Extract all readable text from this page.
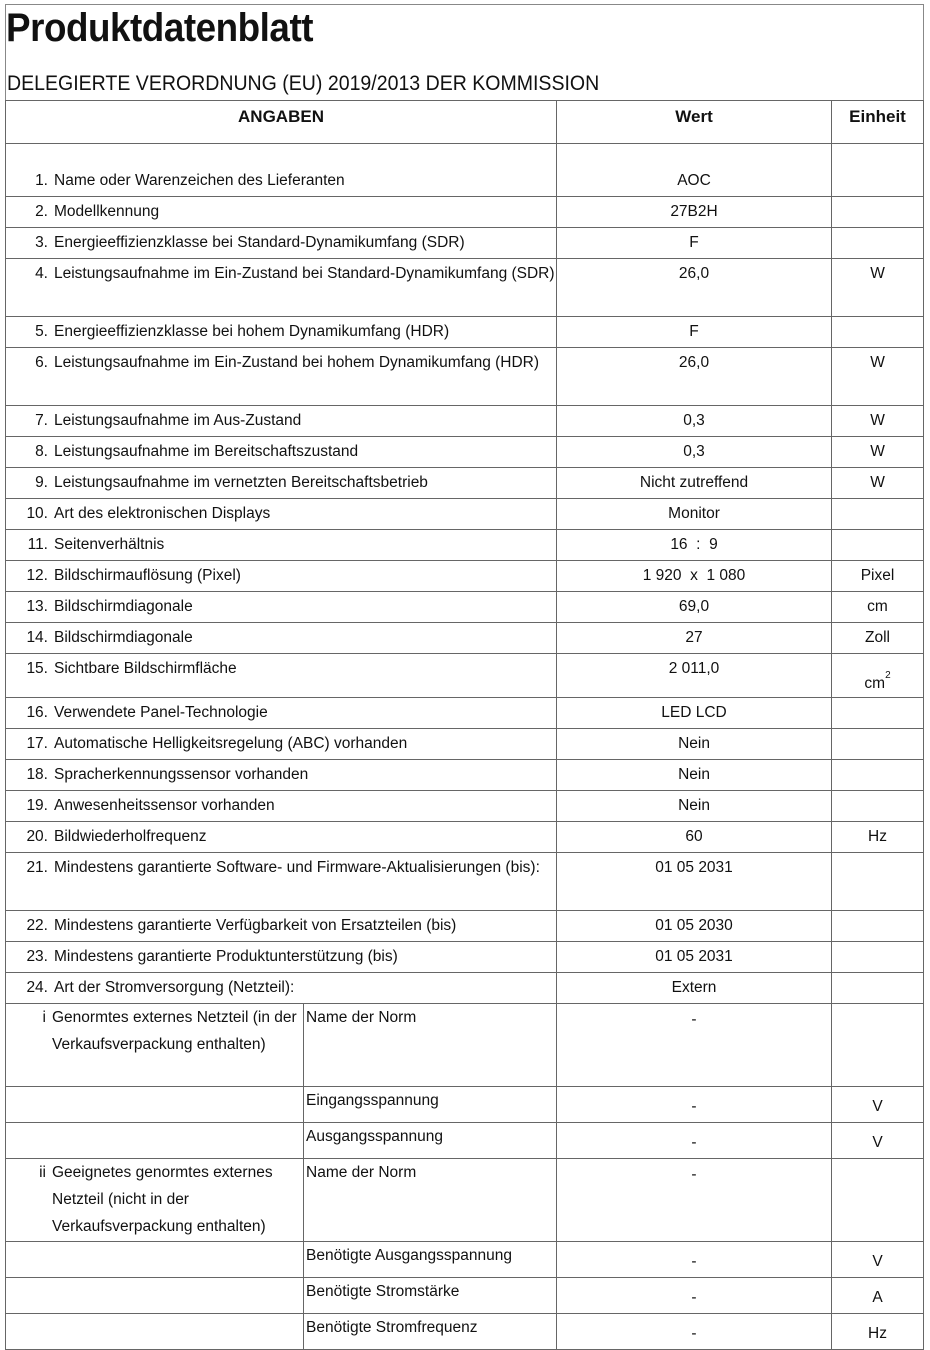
Produktdatenblatt
DELEGIERTE VERORDNUNG (EU) 2019/2013 DER KOMMISSION
ANGABEN		Wert	Einheit
1. Name oder Warenzeichen des Lieferanten		AOC	
2. Modellkennung		27B2H	
3. Energieeffizienzklasse bei Standard-Dynamikumfang (SDR)		F	
4. Leistungsaufnahme im Ein-Zustand bei Standard-Dynamikumfang (SDR)		26,0	W
5. Energieeffizienzklasse bei hohem Dynamikumfang (HDR)		F	
6. Leistungsaufnahme im Ein-Zustand bei hohem Dynamikumfang (HDR)		26,0	W
7. Leistungsaufnahme im Aus-Zustand		0,3	W
8. Leistungsaufnahme im Bereitschaftszustand		0,3	W
9. Leistungsaufnahme im vernetzten Bereitschaftsbetrieb		Nicht zutreffend	W
10. Art des elektronischen Displays		Monitor	
11. Seitenverhältnis		16  :  9	
12. Bildschirmauflösung (Pixel)		1 920  x  1 080	Pixel
13. Bildschirmdiagonale		69,0	cm
14. Bildschirmdiagonale		27	Zoll
15. Sichtbare Bildschirmfläche		2 011,0	$cm^2$
16. Verwendete Panel-Technologie		LED LCD	
17. Automatische Helligkeitsregelung (ABC) vorhanden		Nein	
18. Spracherkennungssensor vorhanden		Nein	
19. Anwesenheitssensor vorhanden		Nein	
20. Bildwiederholfrequenz		60	Hz
21. Mindestens garantierte Software- und Firmware-Aktualisierungen (bis):		01 05 2031	
22. Mindestens garantierte Verfügbarkeit von Ersatzteilen (bis)		01 05 2030	
23. Mindestens garantierte Produktunterstützung (bis)		01 05 2031	
24. Art der Stromversorgung (Netzteil):		Extern	
i Genormtes externes Netzteil (in der Verkaufsverpackung enthalten)	Name der Norm	-	
	Eingangsspannung	-	V
	Ausgangsspannung	-	V
ii Geeignetes genormtes externes Netzteil (nicht in der Verkaufsverpackung enthalten)	Name der Norm	-	
	Benötigte Ausgangsspannung	-	V
	Benötigte Stromstärke	-	A
	Benötigte Stromfrequenz	-	Hz
